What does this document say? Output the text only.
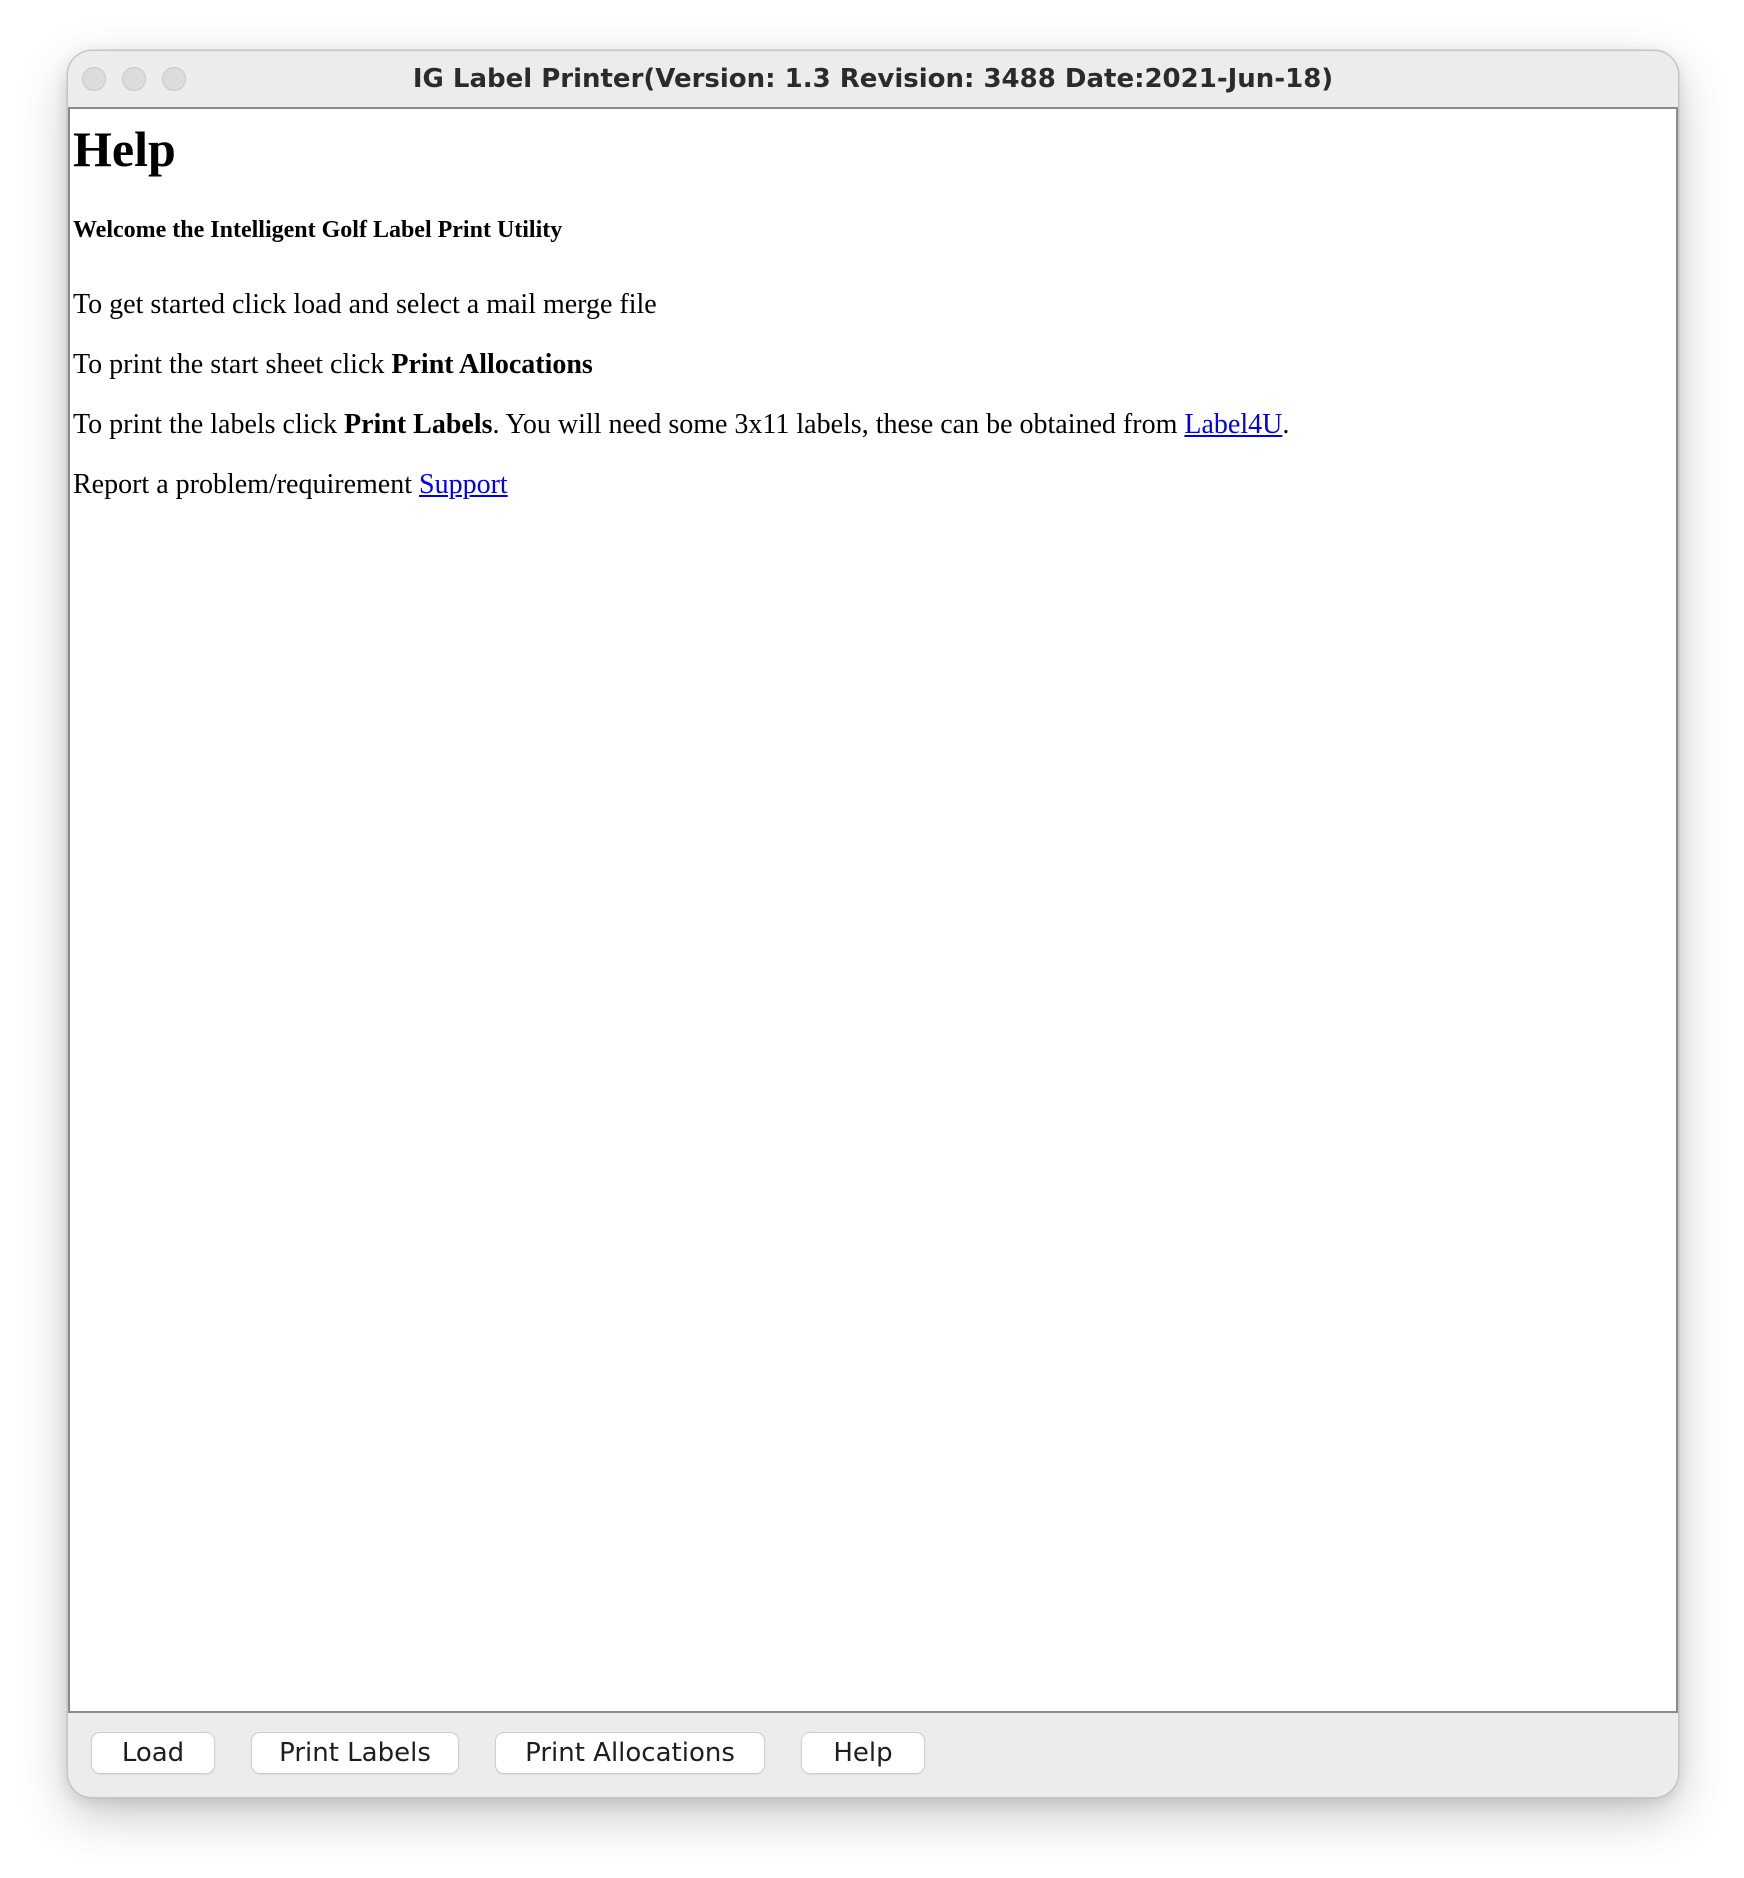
IG Label Printer(Version: 1.3 Revision: 3488 Date:2021-Jun-18)
Help
Welcome the Intelligent Golf Label Print Utility
To get started click load and select a mail merge file
To print the start sheet click Print Allocations
To print the labels click Print Labels. You will need some 3x11 labels, these can be obtained from Label4U.
Report a problem/requirement Support
Load	Print Labels	Print Allocations	Help
